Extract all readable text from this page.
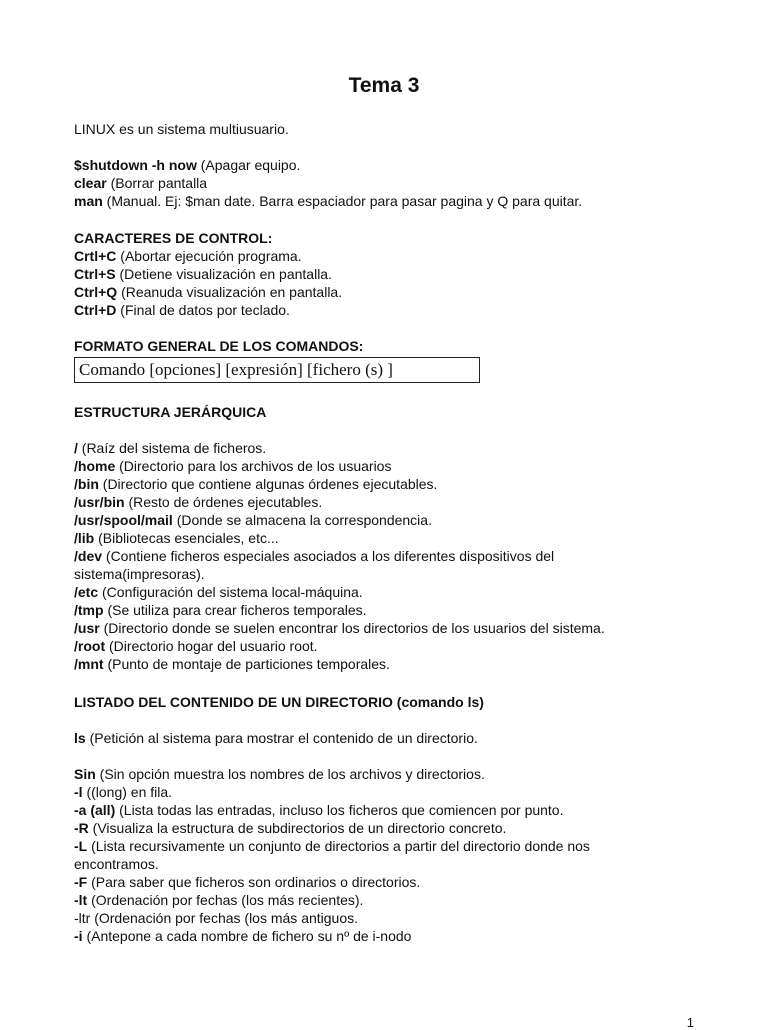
Tema 3
LINUX es un sistema multiusuario.
$shutdown -h now (Apagar equipo.
clear (Borrar pantalla
man (Manual. Ej: $man date. Barra espaciador para pasar pagina y Q para quitar.
CARACTERES DE CONTROL:
Crtl+C (Abortar ejecución programa.
Ctrl+S (Detiene visualización en pantalla.
Ctrl+Q (Reanuda visualización en pantalla.
Ctrl+D (Final de datos por teclado.
FORMATO GENERAL DE LOS COMANDOS:
Comando [opciones] [expresión] [fichero (s) ]
ESTRUCTURA JERÁRQUICA
/ (Raíz del sistema de ficheros.
/home (Directorio para los archivos de los usuarios
/bin (Directorio que contiene algunas órdenes ejecutables.
/usr/bin (Resto de órdenes ejecutables.
/usr/spool/mail (Donde se almacena la correspondencia.
/lib (Bibliotecas esenciales, etc...
/dev (Contiene ficheros especiales asociados a los diferentes dispositivos del
sistema(impresoras).
/etc (Configuración del sistema local-máquina.
/tmp (Se utiliza para crear ficheros temporales.
/usr (Directorio donde se suelen encontrar los directorios de los usuarios del sistema.
/root (Directorio hogar del usuario root.
/mnt (Punto de montaje de particiones temporales.
LISTADO DEL CONTENIDO DE UN DIRECTORIO (comando ls)
ls (Petición al sistema para mostrar el contenido de un directorio.
Sin (Sin opción muestra los nombres de los archivos y directorios.
-l ((long) en fila.
-a (all) (Lista todas las entradas, incluso los ficheros que comiencen por punto.
-R (Visualiza la estructura de subdirectorios de un directorio concreto.
-L (Lista recursivamente un conjunto de directorios a partir del directorio donde nos
encontramos.
-F (Para saber que ficheros son ordinarios o directorios.
-lt (Ordenación por fechas (los más recientes).
-ltr (Ordenación por fechas (los más antiguos.
-i (Antepone a cada nombre de fichero su nº de i-nodo
1
